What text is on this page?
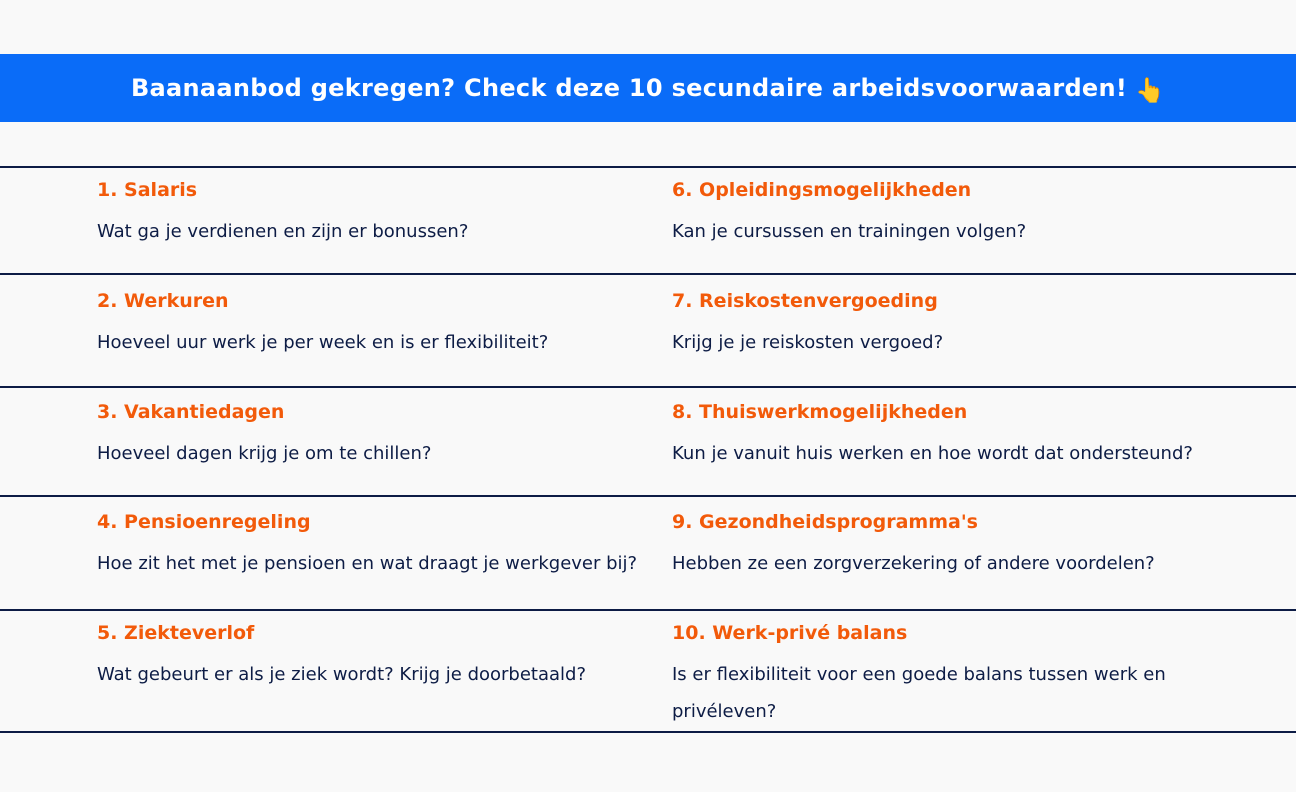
Baanaanbod gekregen? Check deze 10 secundaire arbeidsvoorwaarden! 👇
1. Salaris
Wat ga je verdienen en zijn er bonussen?
2. Werkuren
Hoeveel uur werk je per week en is er flexibiliteit?
3. Vakantiedagen
Hoeveel dagen krijg je om te chillen?
4. Pensioenregeling
Hoe zit het met je pensioen en wat draagt je werkgever bij?
5. Ziekteverlof
Wat gebeurt er als je ziek wordt? Krijg je doorbetaald?
6. Opleidingsmogelijkheden
Kan je cursussen en trainingen volgen?
7. Reiskostenvergoeding
Krijg je je reiskosten vergoed?
8. Thuiswerkmogelijkheden
Kun je vanuit huis werken en hoe wordt dat ondersteund?
9. Gezondheidsprogramma's
Hebben ze een zorgverzekering of andere voordelen?
10. Werk-privé balans
Is er flexibiliteit voor een goede balans tussen werk en privéleven?
